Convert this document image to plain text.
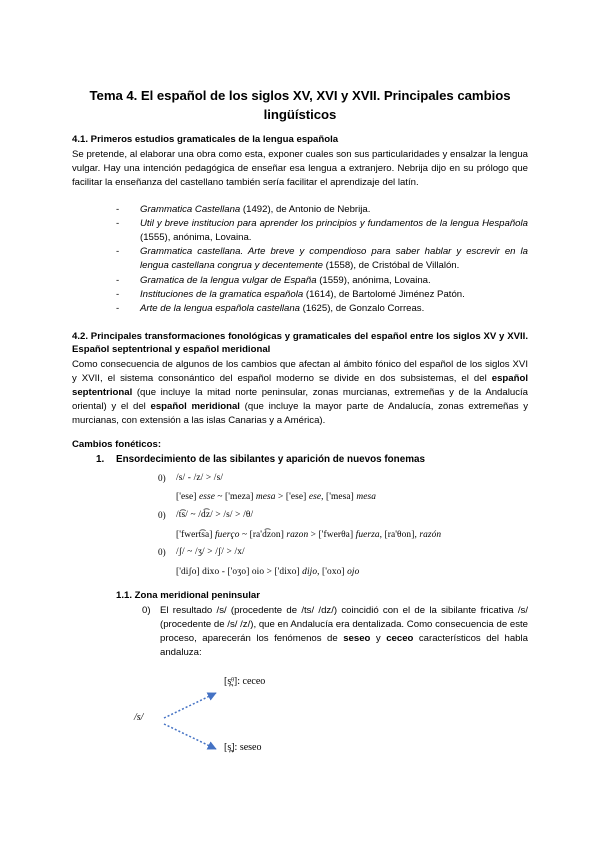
Tema 4. El español de los siglos XV, XVI y XVII. Principales cambios lingüísticos
4.1. Primeros estudios gramaticales de la lengua española

Se pretende, al elaborar una obra como esta, exponer cuales son sus particularidades y ensalzar la lengua vulgar. Hay una intención pedagógica de enseñar esa lengua a extranjero. Nebrija dijo en su prólogo que facilitar la enseñanza del castellano también sería facilitar el aprendizaje del latín.

- Grammatica Castellana (1492), de Antonio de Nebrija.
- Util y breve institucion para aprender los principios y fundamentos de la lengua Hespañola (1555), anónima, Lovaina.
- Grammatica castellana. Arte breve y compendioso para saber hablar y escrevir en la lengua castellana congrua y decentemente (1558), de Cristóbal de Villalón.
- Gramatica de la lengua vulgar de España (1559), anónima, Lovaina.
- Instituciones de la gramatica española (1614), de Bartolomé Jiménez Patón.
- Arte de la lengua española castellana (1625), de Gonzalo Correas.
4.2. Principales transformaciones fonológicas y gramaticales del español entre los siglos XV y XVII. Español septentrional y español meridional

Como consecuencia de algunos de los cambios que afectan al ámbito fónico del español de los siglos XVI y XVII, el sistema consonántico del español moderno se divide en dos subsistemas, el del español septentrional (que incluye la mitad norte peninsular, zonas murcianas, extremeñas y de la Andalucía oriental) y el del español meridional (que incluye la mayor parte de Andalucía, zonas extremeñas y murcianas, con extensión a las islas Canarias y a América).

Cambios fonéticos:
Ensordecimiento de las sibilantes y aparición de nuevos fonemas
/s/ - /z/ > /s/
['ese] esse ~ ['meza] mesa > ['ese] ese, ['mesa] mesa
/t͡s/ ~ /d͡z/ > /s/ > /θ/
['fwert͡sa] fuerço ~ [ra'd͡zon] razon > ['fwerθa] fuerza, [ra'θon], razón
/ʃ/ ~ /ʒ/ > /ʃ/ > /x/
['diʃo] dixo - ['oʒo] oio > ['dixo] dijo, ['oxo] ojo
1.1. Zona meridional peninsular
El resultado /s/ (procedente de /ts/ /dz/) coincidió con el de la sibilante fricativa /s/ (procedente de /s/ /z/), que en Andalucía era dentalizada. Como consecuencia de este proceso, aparecerán los fenómenos de seseo y ceceo característicos del habla andaluza:
/s/
[s̪ᶿ]: ceceo
[s̪]: seseo
